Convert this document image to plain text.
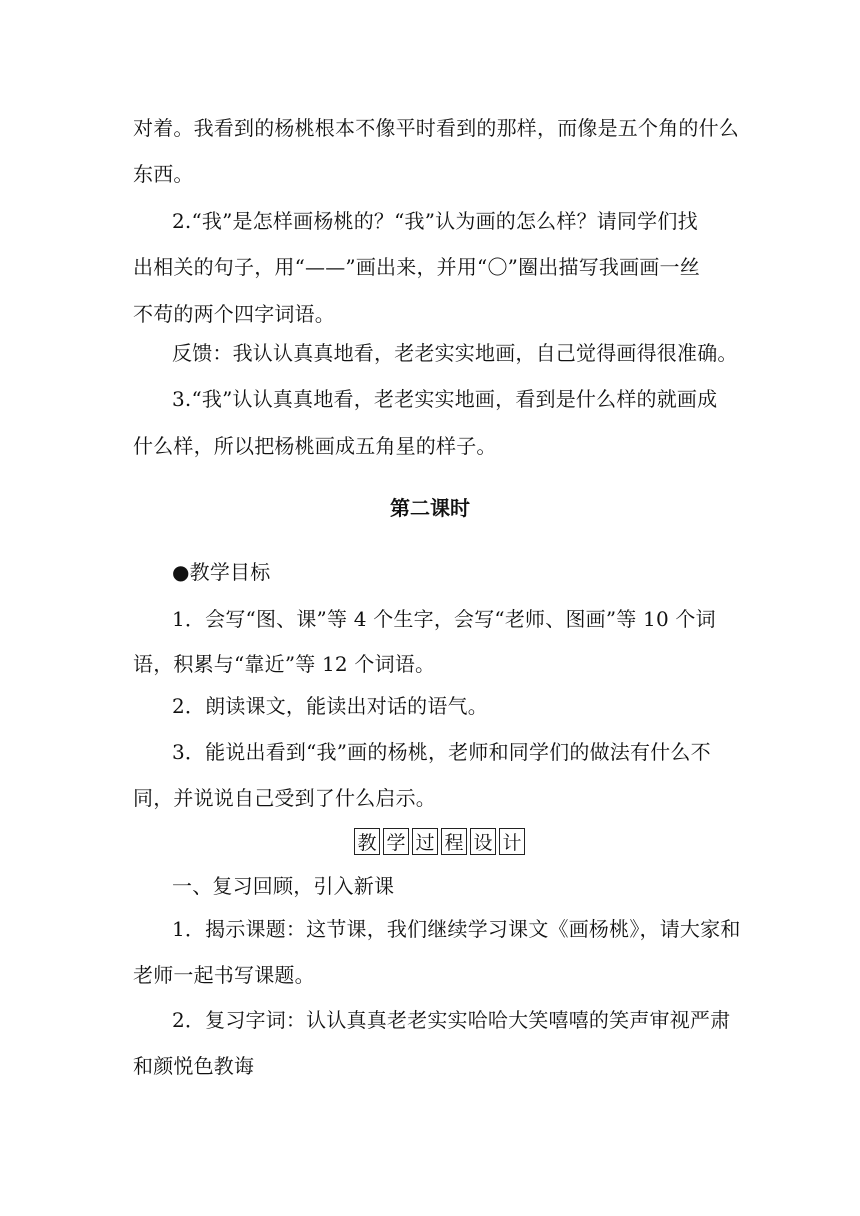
对着。我看到的杨桃根本不像平时看到的那样，而像是五个角的什么
东西。
2.“我”是怎样画杨桃的？“我”认为画的怎么样？请同学们找
出相关的句子，用“——”画出来，并用“〇”圈出描写我画画一丝
不苟的两个四字词语。
反馈：我认认真真地看，老老实实地画，自己觉得画得很准确。
3.“我”认认真真地看，老老实实地画，看到是什么样的就画成
什么样，所以把杨桃画成五角星的样子。
第二课时
●教学目标
1．会写“图、课”等 4 个生字，会写“老师、图画”等 10 个词
语，积累与“靠近”等 12 个词语。
2．朗读课文，能读出对话的语气。
3．能说出看到“我”画的杨桃，老师和同学们的做法有什么不
同，并说说自己受到了什么启示。
教 学 过 程 设 计
一、复习回顾，引入新课
1．揭示课题：这节课，我们继续学习课文《画杨桃》，请大家和
老师一起书写课题。
2．复习字词：认认真真老老实实哈哈大笑嘻嘻的笑声审视严肃
和颜悦色教诲
